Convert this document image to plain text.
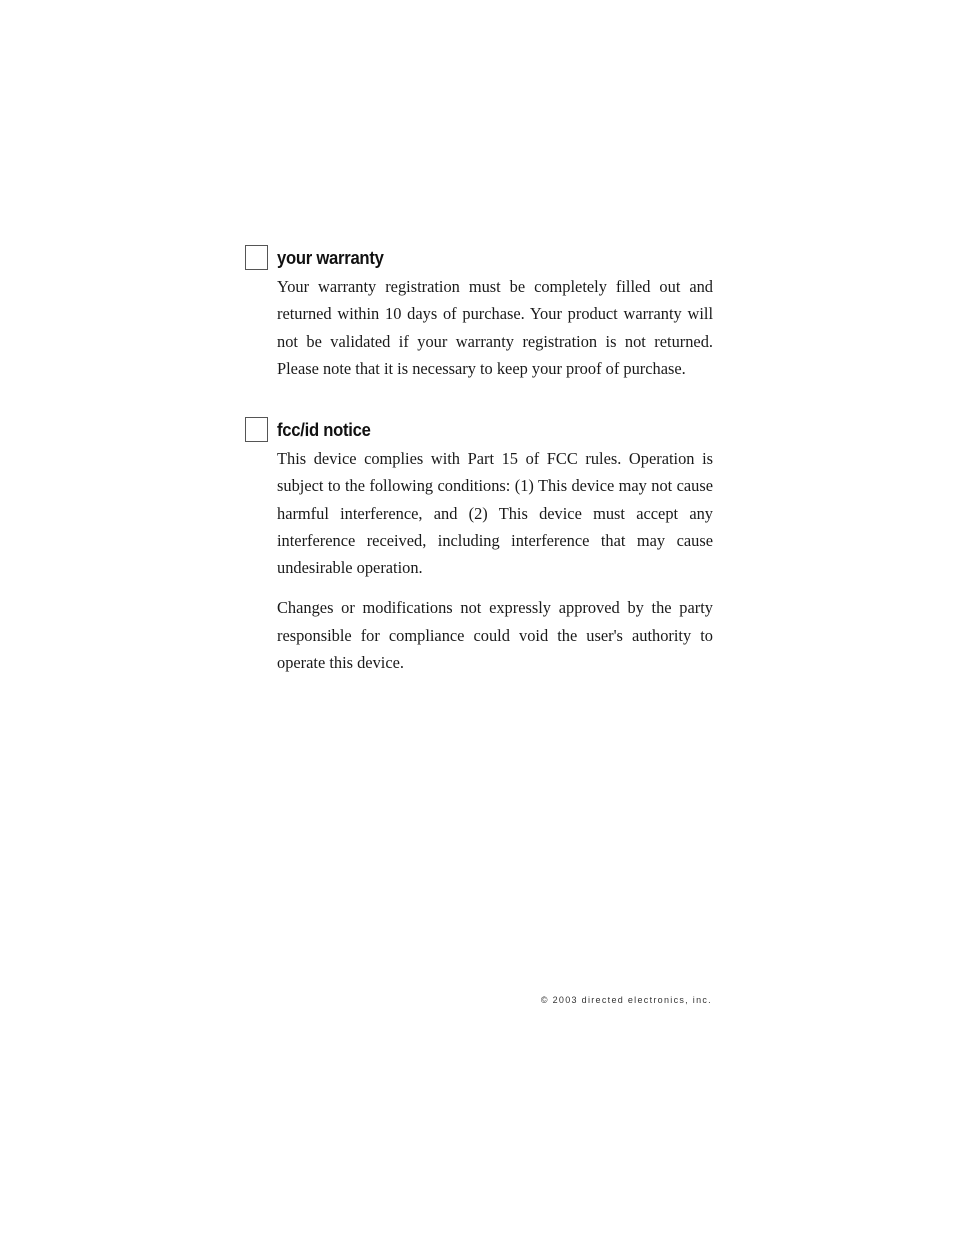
your warranty

Your warranty registration must be completely filled out and returned within 10 days of purchase. Your product warranty will not be validated if your warranty registration is not returned. Please note that it is necessary to keep your proof of purchase.

fcc/id notice

This device complies with Part 15 of FCC rules. Operation is subject to the following conditions: (1) This device may not cause harmful interference, and (2) This device must accept any interference received, including interference that may cause undesirable operation.

Changes or modifications not expressly approved by the party responsible for compliance could void the user's authority to operate this device.

© 2003 directed electronics, inc.
